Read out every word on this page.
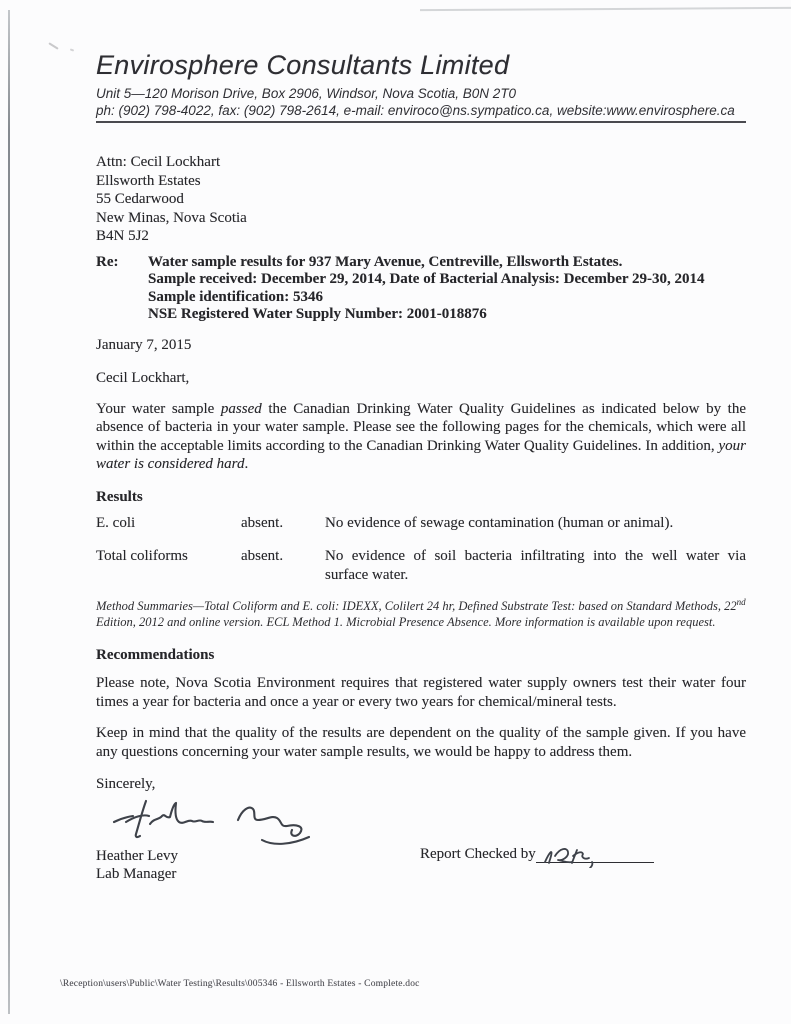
Envirosphere Consultants Limited
Unit 5—120 Morison Drive, Box 2906, Windsor, Nova Scotia, B0N 2T0
ph: (902) 798-4022, fax: (902) 798-2614, e-mail: enviroco@ns.sympatico.ca, website:www.envirosphere.ca
Attn: Cecil Lockhart
Ellsworth Estates
55 Cedarwood
New Minas, Nova Scotia
B4N 5J2
Re:	Water sample results for 937 Mary Avenue, Centreville, Ellsworth Estates.
Sample received: December 29, 2014, Date of Bacterial Analysis: December 29-30, 2014
Sample identification: 5346
NSE Registered Water Supply Number: 2001-018876
January 7, 2015
Cecil Lockhart,
Your water sample passed the Canadian Drinking Water Quality Guidelines as indicated below by the absence of bacteria in your water sample. Please see the following pages for the chemicals, which were all within the acceptable limits according to the Canadian Drinking Water Quality Guidelines. In addition, your water is considered hard.
Results
E. coli	absent.	No evidence of sewage contamination (human or animal).
Total coliforms	absent.	No evidence of soil bacteria infiltrating into the well water via surface water.
Method Summaries—Total Coliform and E. coli: IDEXX, Colilert 24 hr, Defined Substrate Test: based on Standard Methods, 22nd Edition, 2012 and online version. ECL Method 1. Microbial Presence Absence. More information is available upon request.
Recommendations
Please note, Nova Scotia Environment requires that registered water supply owners test their water four times a year for bacteria and once a year or every two years for chemical/mineral tests.
Keep in mind that the quality of the results are dependent on the quality of the sample given. If you have any questions concerning your water sample results, we would be happy to address them.
Sincerely,
Heather Levy
Lab Manager
Report Checked by
\Reception\users\Public\Water Testing\Results\005346 - Ellsworth Estates - Complete.doc
